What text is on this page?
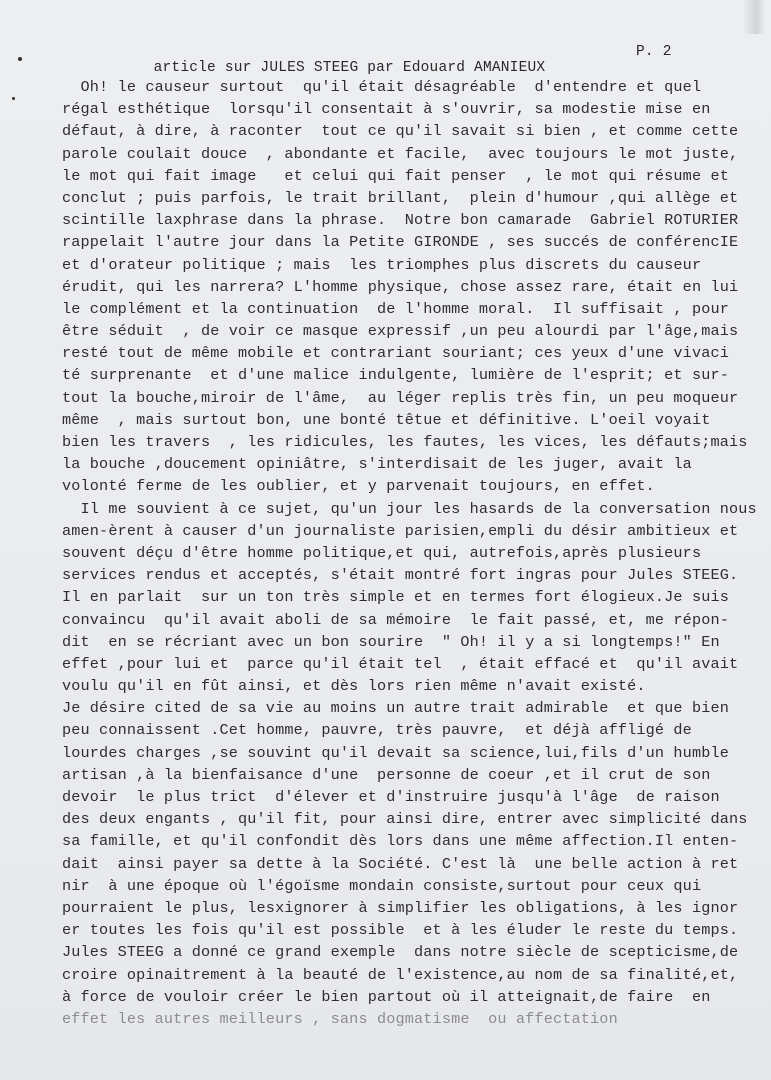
article sur JULES STEEG par Edouard AMANIEUX

P. 2

Oh! le causeur surtout  qu'il était désagréable  d'entendre et quel
régal esthétique  lorsqu'il consentait à s'ouvrir, sa modestie mise en
défaut, à dire, à raconter  tout ce qu'il savait si bien , et comme cette
parole coulait douce  , abondante et facile,  avec toujours le mot juste,
le mot qui fait image   et celui qui fait penser  , le mot qui résume et
conclut ; puis parfois, le trait brillant,  plein d'humour ,qui allège et
scintille laxphrase dans la phrase.  Notre bon camarade  Gabriel ROTURIER
rappelait l'autre jour dans la Petite GIRONDE , ses succés de conférencIE
et d'orateur politique ; mais  les triomphes plus discrets du causeur
érudit, qui les narrera? L'homme physique, chose assez rare, était en lui
le complément et la continuation  de l'homme moral.  Il suffisait , pour
être séduit  , de voir ce masque expressif ,un peu alourdi par l'âge,mais
resté tout de même mobile et contrariant souriant; ces yeux d'une vivaci
té surprenante  et d'une malice indulgente, lumière de l'esprit; et sur-
tout la bouche,miroir de l'âme,  au léger replis très fin, un peu moqueur
même  , mais surtout bon, une bonté têtue et définitive. L'oeil voyait
bien les travers  , les ridicules, les fautes, les vices, les défauts;mais
la bouche ,doucement opiniâtre, s'interdisait de les juger, avait la
volonté ferme de les oublier, et y parvenait toujours, en effet.
Il me souvient à ce sujet, qu'un jour les hasards de la conversation nous
amen-èrent à causer d'un journaliste parisien,empli du désir ambitieux et
souvent déçu d'être homme politique,et qui, autrefois,après plusieurs
services rendus et acceptés, s'était montré fort ingras pour Jules STEEG.
Il en parlait  sur un ton très simple et en termes fort élogieux.Je suis
convaincu  qu'il avait aboli de sa mémoire  le fait passé, et, me répon-
dit  en se récriant avec un bon sourire  " Oh! il y a si longtemps!" En
effet ,pour lui et  parce qu'il était tel  , était effacé et  qu'il avait
voulu qu'il en fût ainsi, et dès lors rien même n'avait existé.
Je désire cited de sa vie au moins un autre trait admirable  et que bien
peu connaissent .Cet homme, pauvre, très pauvre,  et déjà affligé de
lourdes charges ,se souvint qu'il devait sa science,lui,fils d'un humble
artisan ,à la bienfaisance d'une  personne de coeur ,et il crut de son
devoir  le plus trict  d'élever et d'instruire jusqu'à l'âge  de raison
des deux engants , qu'il fit, pour ainsi dire, entrer avec simplicité dans
sa famille, et qu'il confondit dès lors dans une même affection.Il enten-
dait  ainsi payer sa dette à la Société. C'est là  une belle action à ret
nir  à une époque où l'égoïsme mondain consiste,surtout pour ceux qui
pourraient le plus, lesxignorer à simplifier les obligations, à les ignor
er toutes les fois qu'il est possible  et à les éluder le reste du temps.
Jules STEEG a donné ce grand exemple  dans notre siècle de scepticisme,de
croire opinaitrement à la beauté de l'existence,au nom de sa finalité,et,
à force de vouloir créer le bien partout où il atteignait,de faire  en
effet les autres meilleurs , sans dogmatisme  ou affectation
